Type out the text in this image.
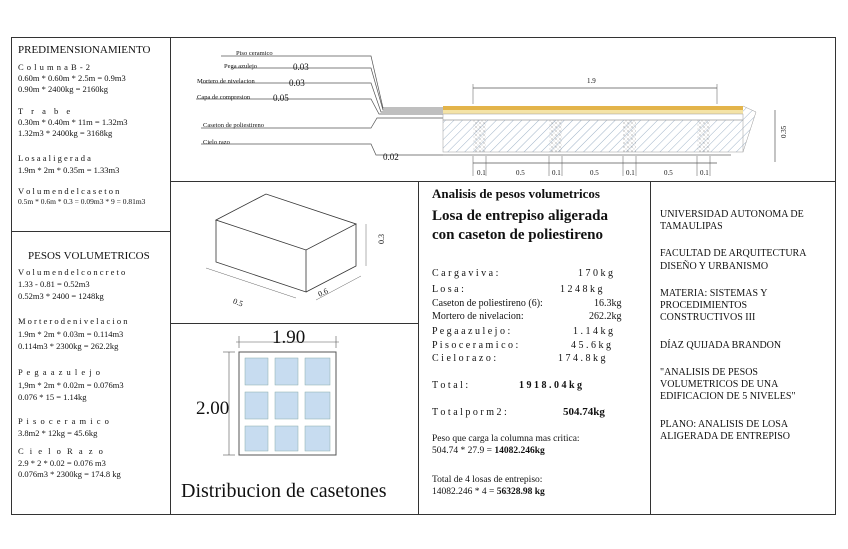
PREDIMENSIONAMIENTO
C o l u m n a B - 2
0.60m * 0.60m * 2.5m = 0.9m3
0.90m * 2400kg = 2160kg
T r a b e
0.30m * 0.40m * 11m = 1.32m3
1.32m3 * 2400kg = 3168kg
L o s a a l i g e r a d a
1.9m * 2m * 0.35m = 1.33m3
V o l u m e n d e l c a s e t o n
0.5m * 0.6m * 0.3 = 0.09m3 * 9 = 0.81m3
PESOS VOLUMETRICOS
V o l u m e n d e l c o n c r e t o
1.33 - 0.81 = 0.52m3
0.52m3 * 2400 = 1248kg
M o r t e r o d e n i v e l a c i o n
1.9m * 2m * 0.03m = 0.114m3
0.114m3 * 2300kg = 262.2kg
P e g a a z u l e j o
1,9m * 2m * 0.02m = 0.076m3
0.076 * 15 = 1.14kg
P i s o c e r a m i c o
3.8m2 * 12kg = 45.6kg
C i e l o R a z o
2.9 * 2 * 0.02 = 0.076 m3
0.076m3 * 2300kg = 174.8 kg
Piso ceramico
Pega azulejo
Mortero de nivelacion
Capa de compresion
Caseton de poliestireno
Cielo razo
0.03
0.03
0.05
0.02
1.9
0.35
0.1	0.5	0.1	0.5	0.1	0.5	0.1
0.3
0.5
0.6
1.90
2.00
Distribucion de casetones
Analisis de pesos volumetricos
Losa de entrepiso aligerada
con caseton de poliestireno
C a r g a v i v a :	1 7 0 k g
L o s a :	1 2 4 8 k g
Caseton de poliestireno (6):	16.3kg
Mortero de nivelacion:	262.2kg
P e g a a z u l e j o :	1 . 1 4 k g
P i s o c e r a m i c o :	4 5 . 6 k g
C i e l o r a z o :	1 7 4 . 8 k g
T o t a l :	1 9 1 8 . 0 4 k g
T o t a l p o r m 2 :	504.74kg
Peso que carga la columna mas critica:
504.74 * 27.9 = 14082.246kg
Total de 4 losas de entrepiso:
14082.246 * 4 = 56328.98 kg
UNIVERSIDAD AUTONOMA DE
TAMAULIPAS
FACULTAD DE ARQUITECTURA
DISEÑO Y URBANISMO
MATERIA: SISTEMAS Y
PROCEDIMIENTOS
CONSTRUCTIVOS III
DÍAZ QUIJADA BRANDON
"ANALISIS DE PESOS
VOLUMETRICOS DE UNA
EDIFICACION DE 5 NIVELES"
PLANO: ANALISIS DE LOSA
ALIGERADA DE ENTREPISO
